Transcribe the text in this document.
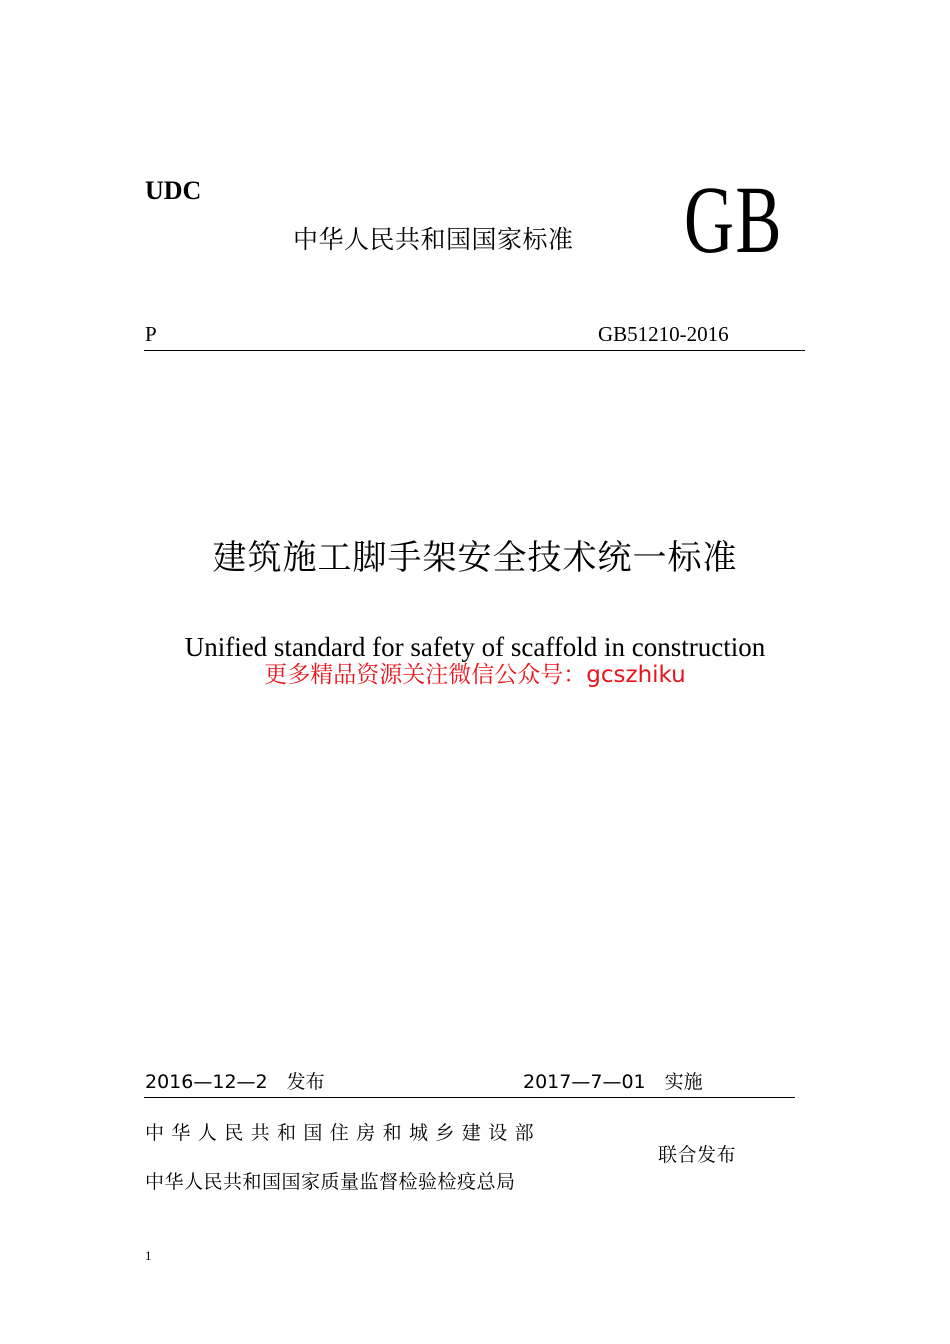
UDC
中华人民共和国国家标准 GB
P	GB51210-2016
建筑施工脚手架安全技术统一标准
Unified standard for safety of scaffold in construction
更多精品资源关注微信公众号：gcszhiku
2016—12—2　发布	2017—7—01　实施
中华人民共和国住房和城乡建设部
中华人民共和国国家质量监督检验检疫总局
联合发布
1
